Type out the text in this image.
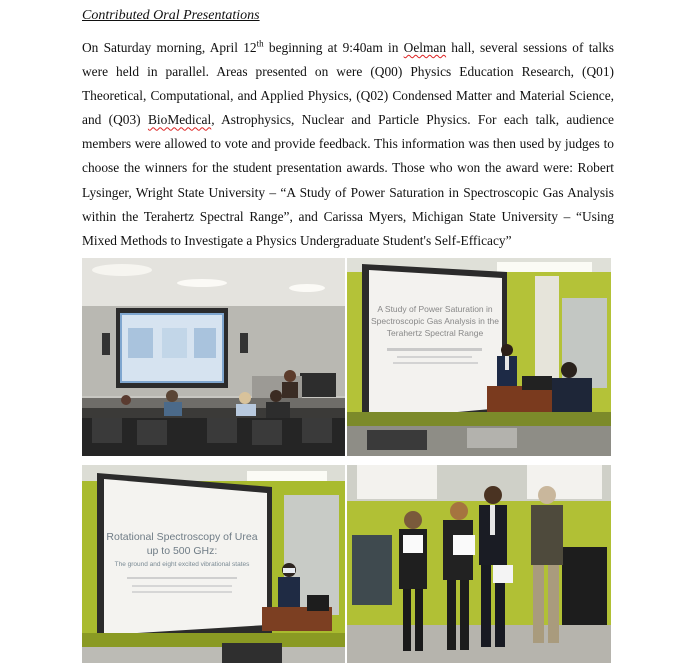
Contributed Oral Presentations

On Saturday morning, April 12th beginning at 9:40am in Oelman hall, several sessions of talks were held in parallel. Areas presented on were (Q00) Physics Education Research, (Q01) Theoretical, Computational, and Applied Physics, (Q02) Condensed Matter and Material Science, and (Q03) BioMedical, Astrophysics, Nuclear and Particle Physics. For each talk, audience members were allowed to vote and provide feedback. This information was then used by judges to choose the winners for the student presentation awards. Those who won the award were: Robert Lysinger, Wright State University – “A Study of Power Saturation in Spectroscopic Gas Analysis within the Terahertz Spectral Range”, and Carissa Myers, Michigan State University – “Using Mixed Methods to Investigate a Physics Undergraduate Student's Self-Efficacy”

A Study of Power Saturation in
Spectroscopic Gas Analysis in the
Terahertz Spectral Range
Rotational Spectroscopy of Urea
up to 500 GHz:
The ground and eight excited vibrational states
